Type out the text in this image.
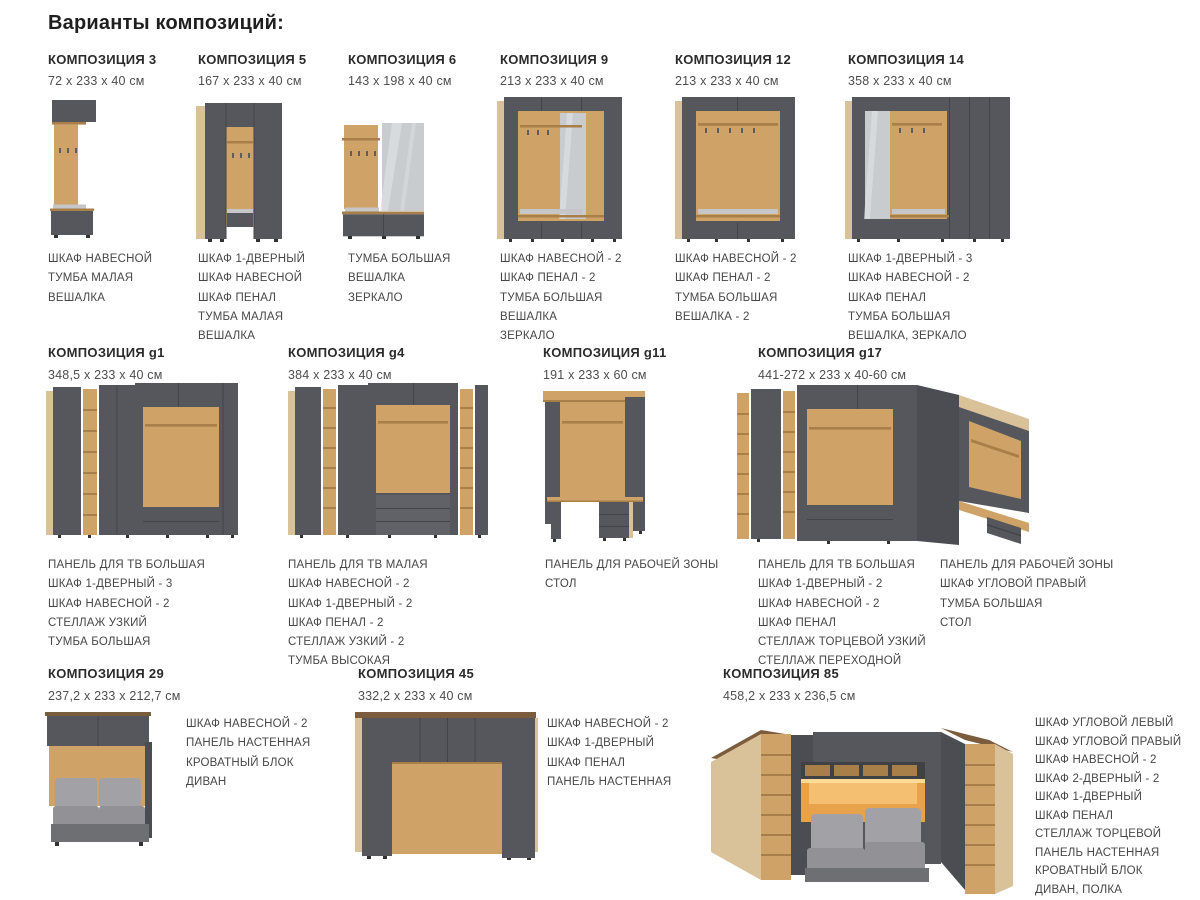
Варианты композиций:
КОМПОЗИЦИЯ 3
72 x 233 x 40 см
ШКАФ НАВЕСНОЙ
ТУМБА МАЛАЯ
ВЕШАЛКА
КОМПОЗИЦИЯ 5
167 x 233 x 40 см
ШКАФ 1-ДВЕРНЫЙ
ШКАФ НАВЕСНОЙ
ШКАФ ПЕНАЛ
ТУМБА МАЛАЯ
ВЕШАЛКА
КОМПОЗИЦИЯ 6
143 x 198 x 40 см
ТУМБА БОЛЬШАЯ
ВЕШАЛКА
ЗЕРКАЛО
КОМПОЗИЦИЯ 9
213 x 233 x 40 см
ШКАФ НАВЕСНОЙ - 2
ШКАФ ПЕНАЛ - 2
ТУМБА БОЛЬШАЯ
ВЕШАЛКА
ЗЕРКАЛО
КОМПОЗИЦИЯ 12
213 x 233 x 40 см
ШКАФ НАВЕСНОЙ - 2
ШКАФ ПЕНАЛ - 2
ТУМБА БОЛЬШАЯ
ВЕШАЛКА - 2
КОМПОЗИЦИЯ 14
358 x 233 x 40 см
ШКАФ 1-ДВЕРНЫЙ - 3
ШКАФ НАВЕСНОЙ - 2
ШКАФ ПЕНАЛ
ТУМБА БОЛЬШАЯ
ВЕШАЛКА, ЗЕРКАЛО
КОМПОЗИЦИЯ g1
348,5 x 233 x 40 см
ПАНЕЛЬ ДЛЯ ТВ БОЛЬШАЯ
ШКАФ 1-ДВЕРНЫЙ - 3
ШКАФ НАВЕСНОЙ - 2
СТЕЛЛАЖ УЗКИЙ
ТУМБА БОЛЬШАЯ
КОМПОЗИЦИЯ g4
384 x 233 x 40 см
ПАНЕЛЬ ДЛЯ ТВ МАЛАЯ
ШКАФ НАВЕСНОЙ - 2
ШКАФ 1-ДВЕРНЫЙ - 2
ШКАФ ПЕНАЛ - 2
СТЕЛЛАЖ УЗКИЙ - 2
ТУМБА ВЫСОКАЯ
КОМПОЗИЦИЯ g11
191 x 233 x 60 см
ПАНЕЛЬ ДЛЯ РАБОЧЕЙ ЗОНЫ
СТОЛ
КОМПОЗИЦИЯ g17
441-272 x 233 x 40-60 см
ПАНЕЛЬ ДЛЯ ТВ БОЛЬШАЯ
ШКАФ 1-ДВЕРНЫЙ - 2
ШКАФ НАВЕСНОЙ - 2
ШКАФ ПЕНАЛ
СТЕЛЛАЖ ТОРЦЕВОЙ УЗКИЙ
СТЕЛЛАЖ ПЕРЕХОДНОЙ
ПАНЕЛЬ ДЛЯ РАБОЧЕЙ ЗОНЫ
ШКАФ УГЛОВОЙ ПРАВЫЙ
ТУМБА БОЛЬШАЯ
СТОЛ
КОМПОЗИЦИЯ 29
237,2 x 233 x 212,7 см
ШКАФ НАВЕСНОЙ - 2
ПАНЕЛЬ НАСТЕННАЯ
КРОВАТНЫЙ БЛОК
ДИВАН
КОМПОЗИЦИЯ 45
332,2 x 233 x 40 см
ШКАФ НАВЕСНОЙ - 2
ШКАФ 1-ДВЕРНЫЙ
ШКАФ ПЕНАЛ
ПАНЕЛЬ НАСТЕННАЯ
КОМПОЗИЦИЯ 85
458,2 x 233 x 236,5 см
ШКАФ УГЛОВОЙ ЛЕВЫЙ
ШКАФ УГЛОВОЙ ПРАВЫЙ
ШКАФ НАВЕСНОЙ - 2
ШКАФ 2-ДВЕРНЫЙ - 2
ШКАФ 1-ДВЕРНЫЙ
ШКАФ ПЕНАЛ
СТЕЛЛАЖ ТОРЦЕВОЙ
ПАНЕЛЬ НАСТЕННАЯ
КРОВАТНЫЙ БЛОК
ДИВАН, ПОЛКА
